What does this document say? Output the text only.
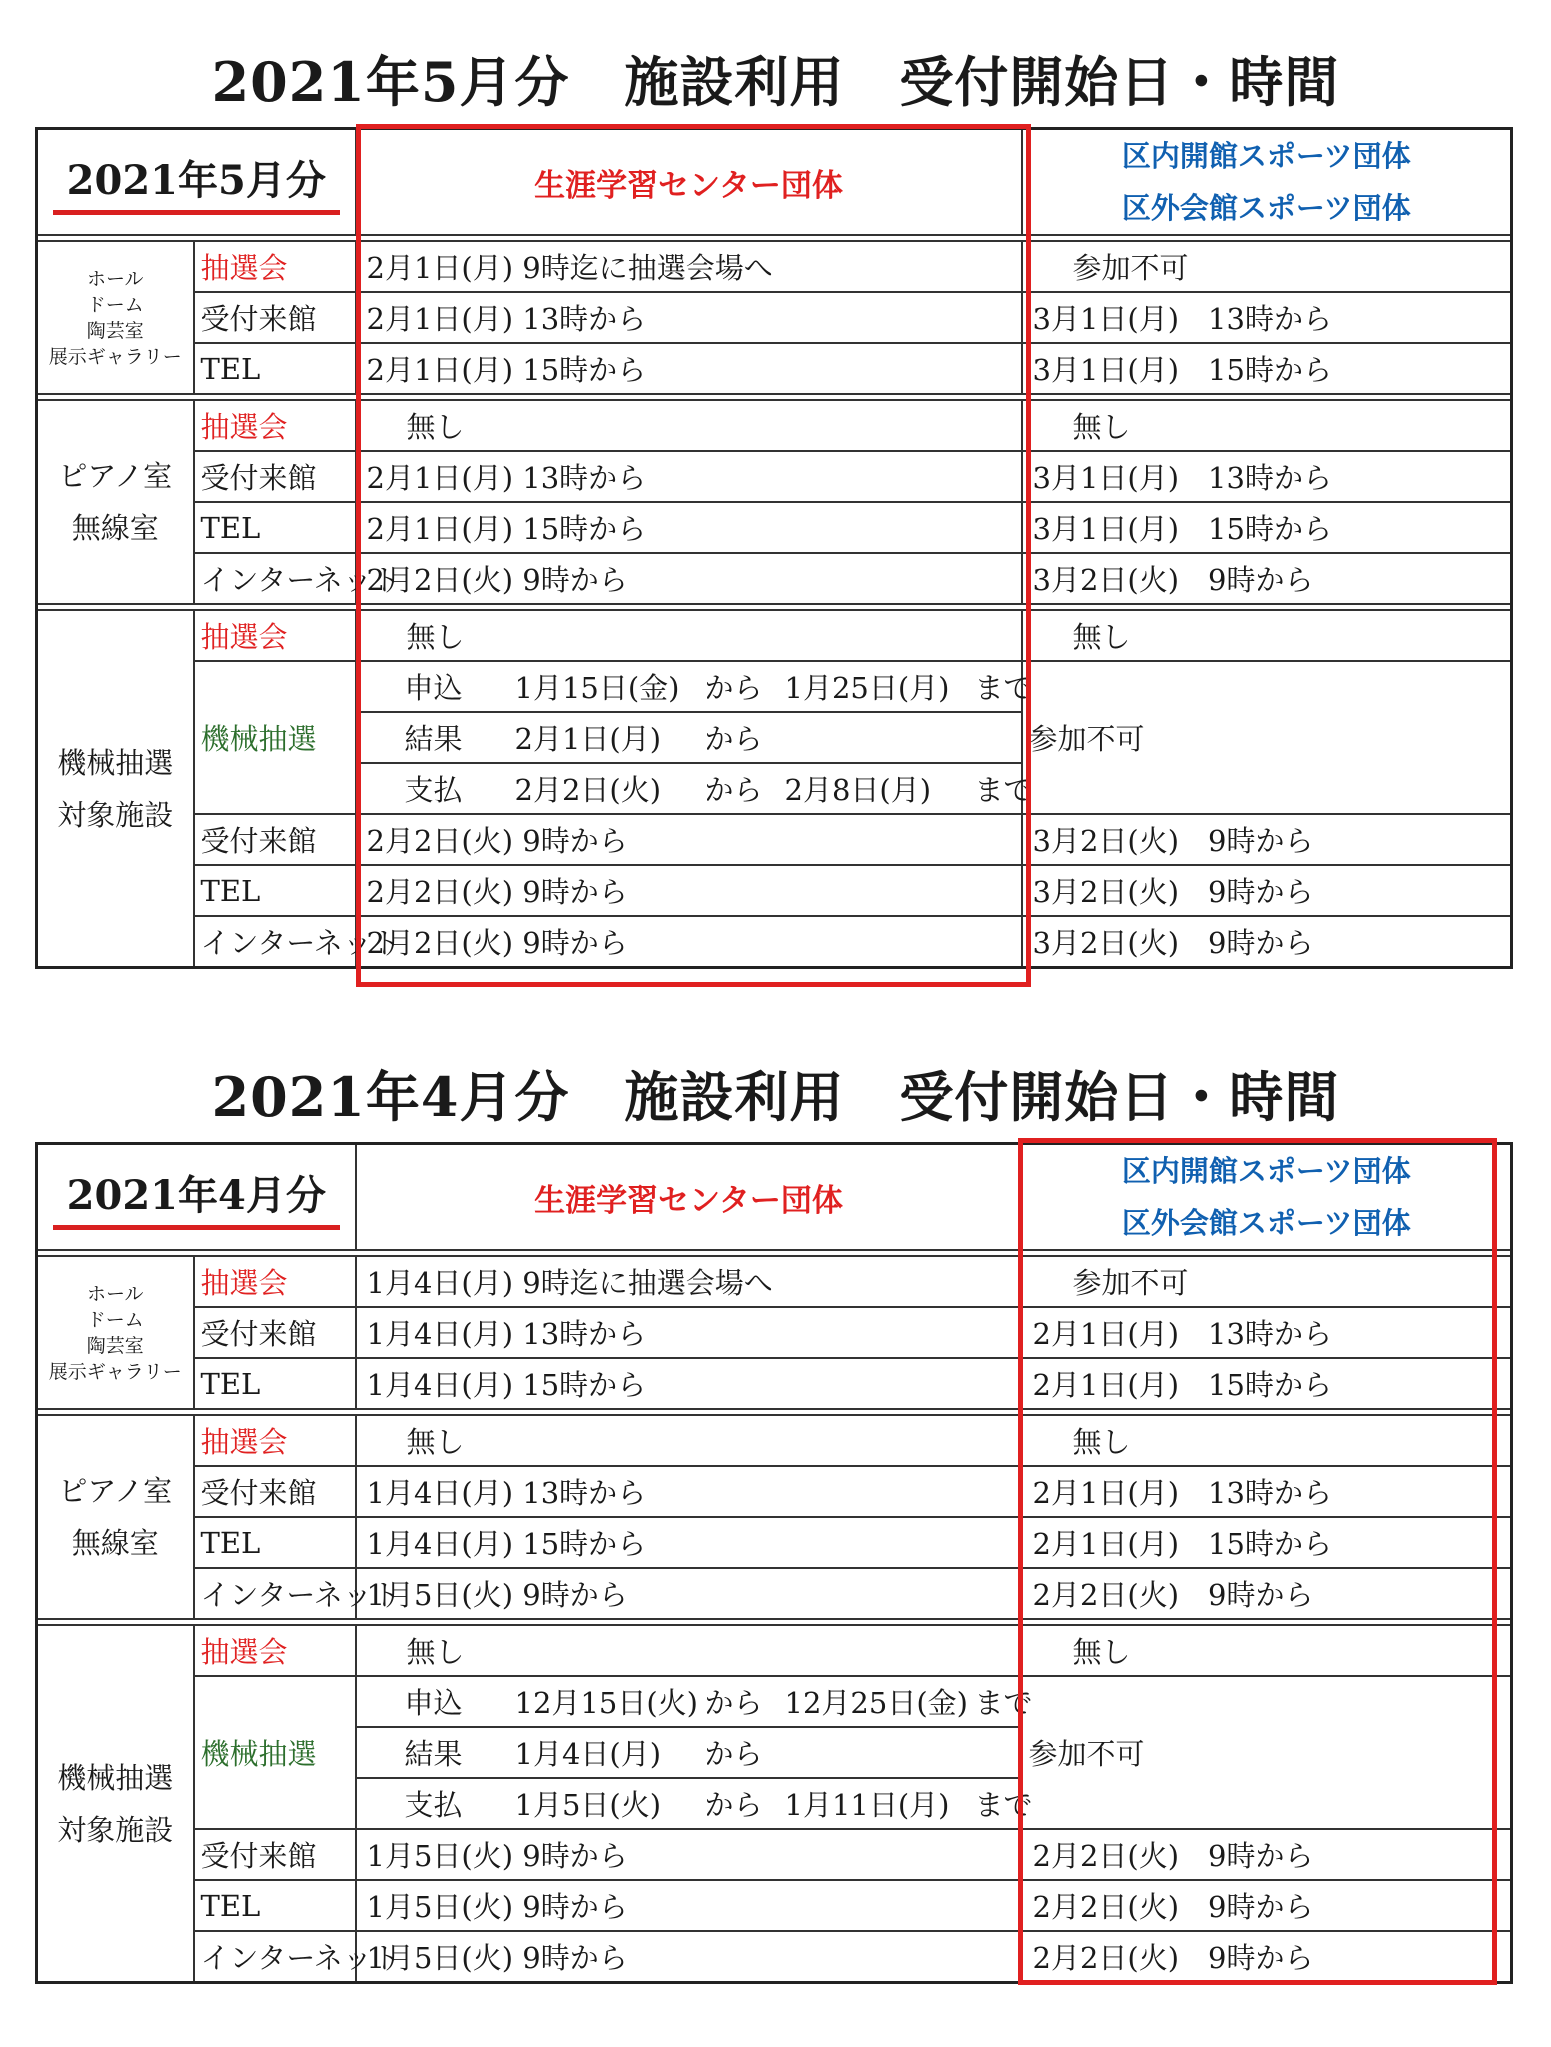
2021年5月分　施設利用　受付開始日・時間
2021年5月分		生涯学習センター団体	区内開館スポーツ団体
区外会館スポーツ団体

ホール
ドーム
陶芸室
展示ギャラリー	抽選会	2月1日(月) 9時迄に抽選会場へ	参加不可
	受付来館	2月1日(月) 13時から	3月1日(月)　13時から
	TEL	2月1日(月) 15時から	3月1日(月)　15時から

ピアノ室
無線室	抽選会	無し	無し
	受付来館	2月1日(月) 13時から	3月1日(月)　13時から
	TEL	2月1日(月) 15時から	3月1日(月)　15時から
	インターネット	2月2日(火) 9時から	3月2日(火)　9時から

機械抽選
対象施設	抽選会	無し	無し
	機械抽選	申込 1月15日(金) から 1月25日(月) まで	参加不可

		結果 2月1日(月) から	

		支払 2月2日(火) から 2月8日(月) まで	

	受付来館	2月2日(火) 9時から	3月2日(火)　9時から
	TEL	2月2日(火) 9時から	3月2日(火)　9時から
	インターネット	2月2日(火) 9時から	3月2日(火)　9時から
2021年4月分　施設利用　受付開始日・時間
2021年4月分		生涯学習センター団体	区内開館スポーツ団体
区外会館スポーツ団体

ホール
ドーム
陶芸室
展示ギャラリー	抽選会	1月4日(月) 9時迄に抽選会場へ	参加不可
	受付来館	1月4日(月) 13時から	2月1日(月)　13時から
	TEL	1月4日(月) 15時から	2月1日(月)　15時から

ピアノ室
無線室	抽選会	無し	無し
	受付来館	1月4日(月) 13時から	2月1日(月)　13時から
	TEL	1月4日(月) 15時から	2月1日(月)　15時から
	インターネット	1月5日(火) 9時から	2月2日(火)　9時から

機械抽選
対象施設	抽選会	無し	無し
	機械抽選	申込 12月15日(火) から 12月25日(金) まで	参加不可

		結果 1月4日(月) から	

		支払 1月5日(火) から 1月11日(月) まで	

	受付来館	1月5日(火) 9時から	2月2日(火)　9時から
	TEL	1月5日(火) 9時から	2月2日(火)　9時から
	インターネット	1月5日(火) 9時から	2月2日(火)　9時から
